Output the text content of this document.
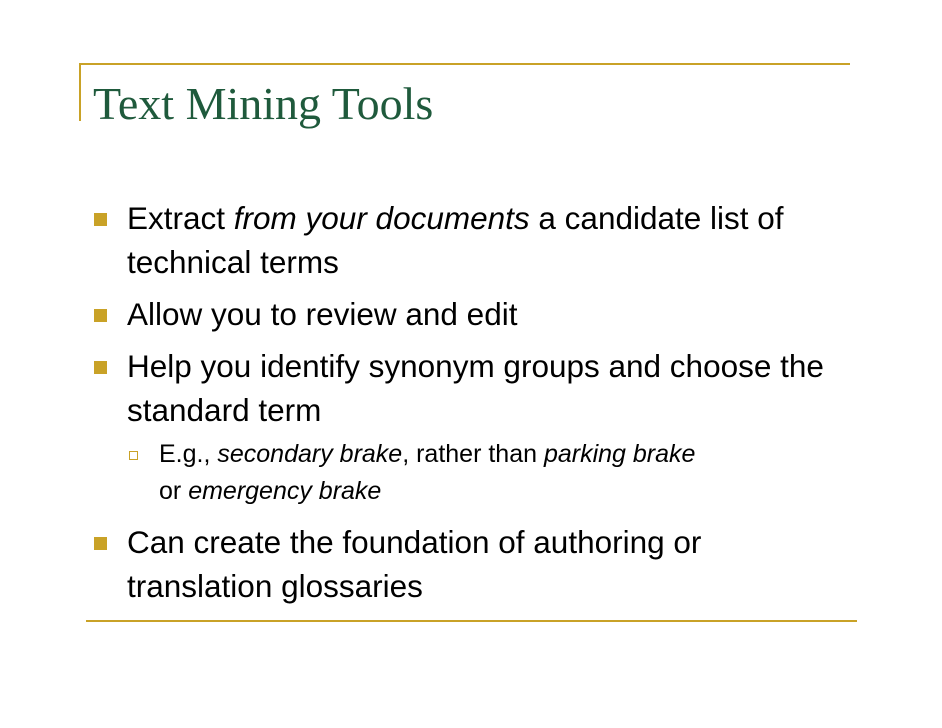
Text Mining Tools
Extract from your documents a candidate list of technical terms
Allow you to review and edit
Help you identify synonym groups and choose the standard term
E.g., secondary brake, rather than parking brake
or emergency brake
Can create the foundation of authoring or translation glossaries
